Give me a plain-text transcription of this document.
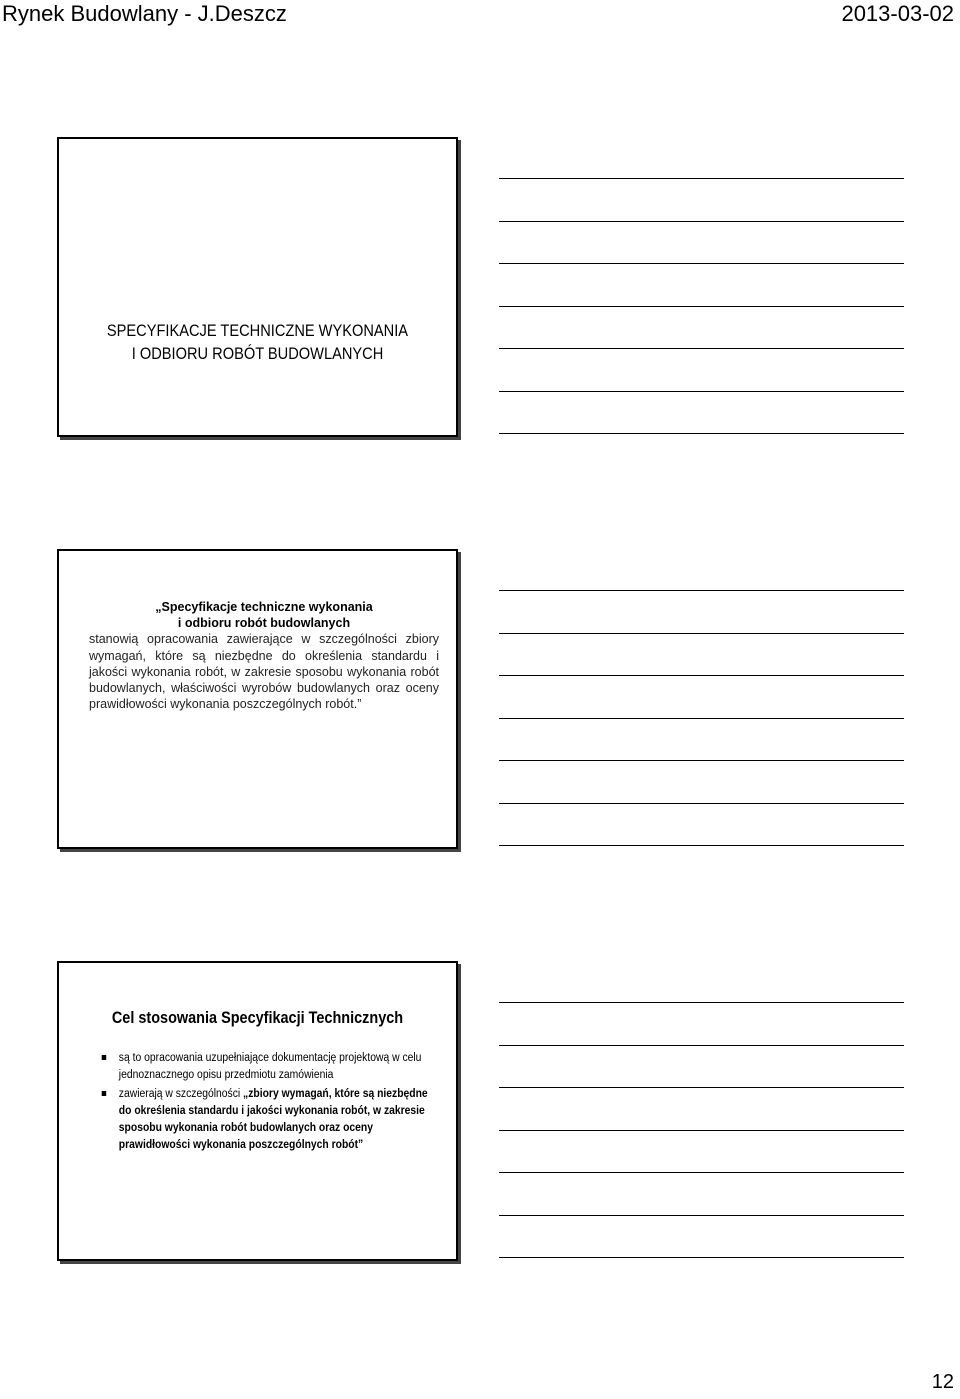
Rynek Budowlany - J.Deszcz	2013-03-02
SPECYFIKACJE TECHNICZNE WYKONANIA
I ODBIORU ROBÓT BUDOWLANYCH
„Specyfikacje techniczne wykonania
i odbioru robót budowlanych
stanowią opracowania zawierające w szczególności zbiory wymagań, które są niezbędne do określenia standardu i jakości wykonania robót, w zakresie sposobu wykonania robót budowlanych, właściwości wyrobów budowlanych oraz oceny prawidłowości wykonania poszczególnych robót.”
Cel stosowania Specyfikacji Technicznych
są to opracowania uzupełniające dokumentację projektową w celu jednoznacznego opisu przedmiotu zamówienia
zawierają w szczególności „zbiory wymagań, które są niezbędne do określenia standardu i jakości wykonania robót, w zakresie sposobu wykonania robót budowlanych oraz oceny prawidłowości wykonania poszczególnych robót”
12
